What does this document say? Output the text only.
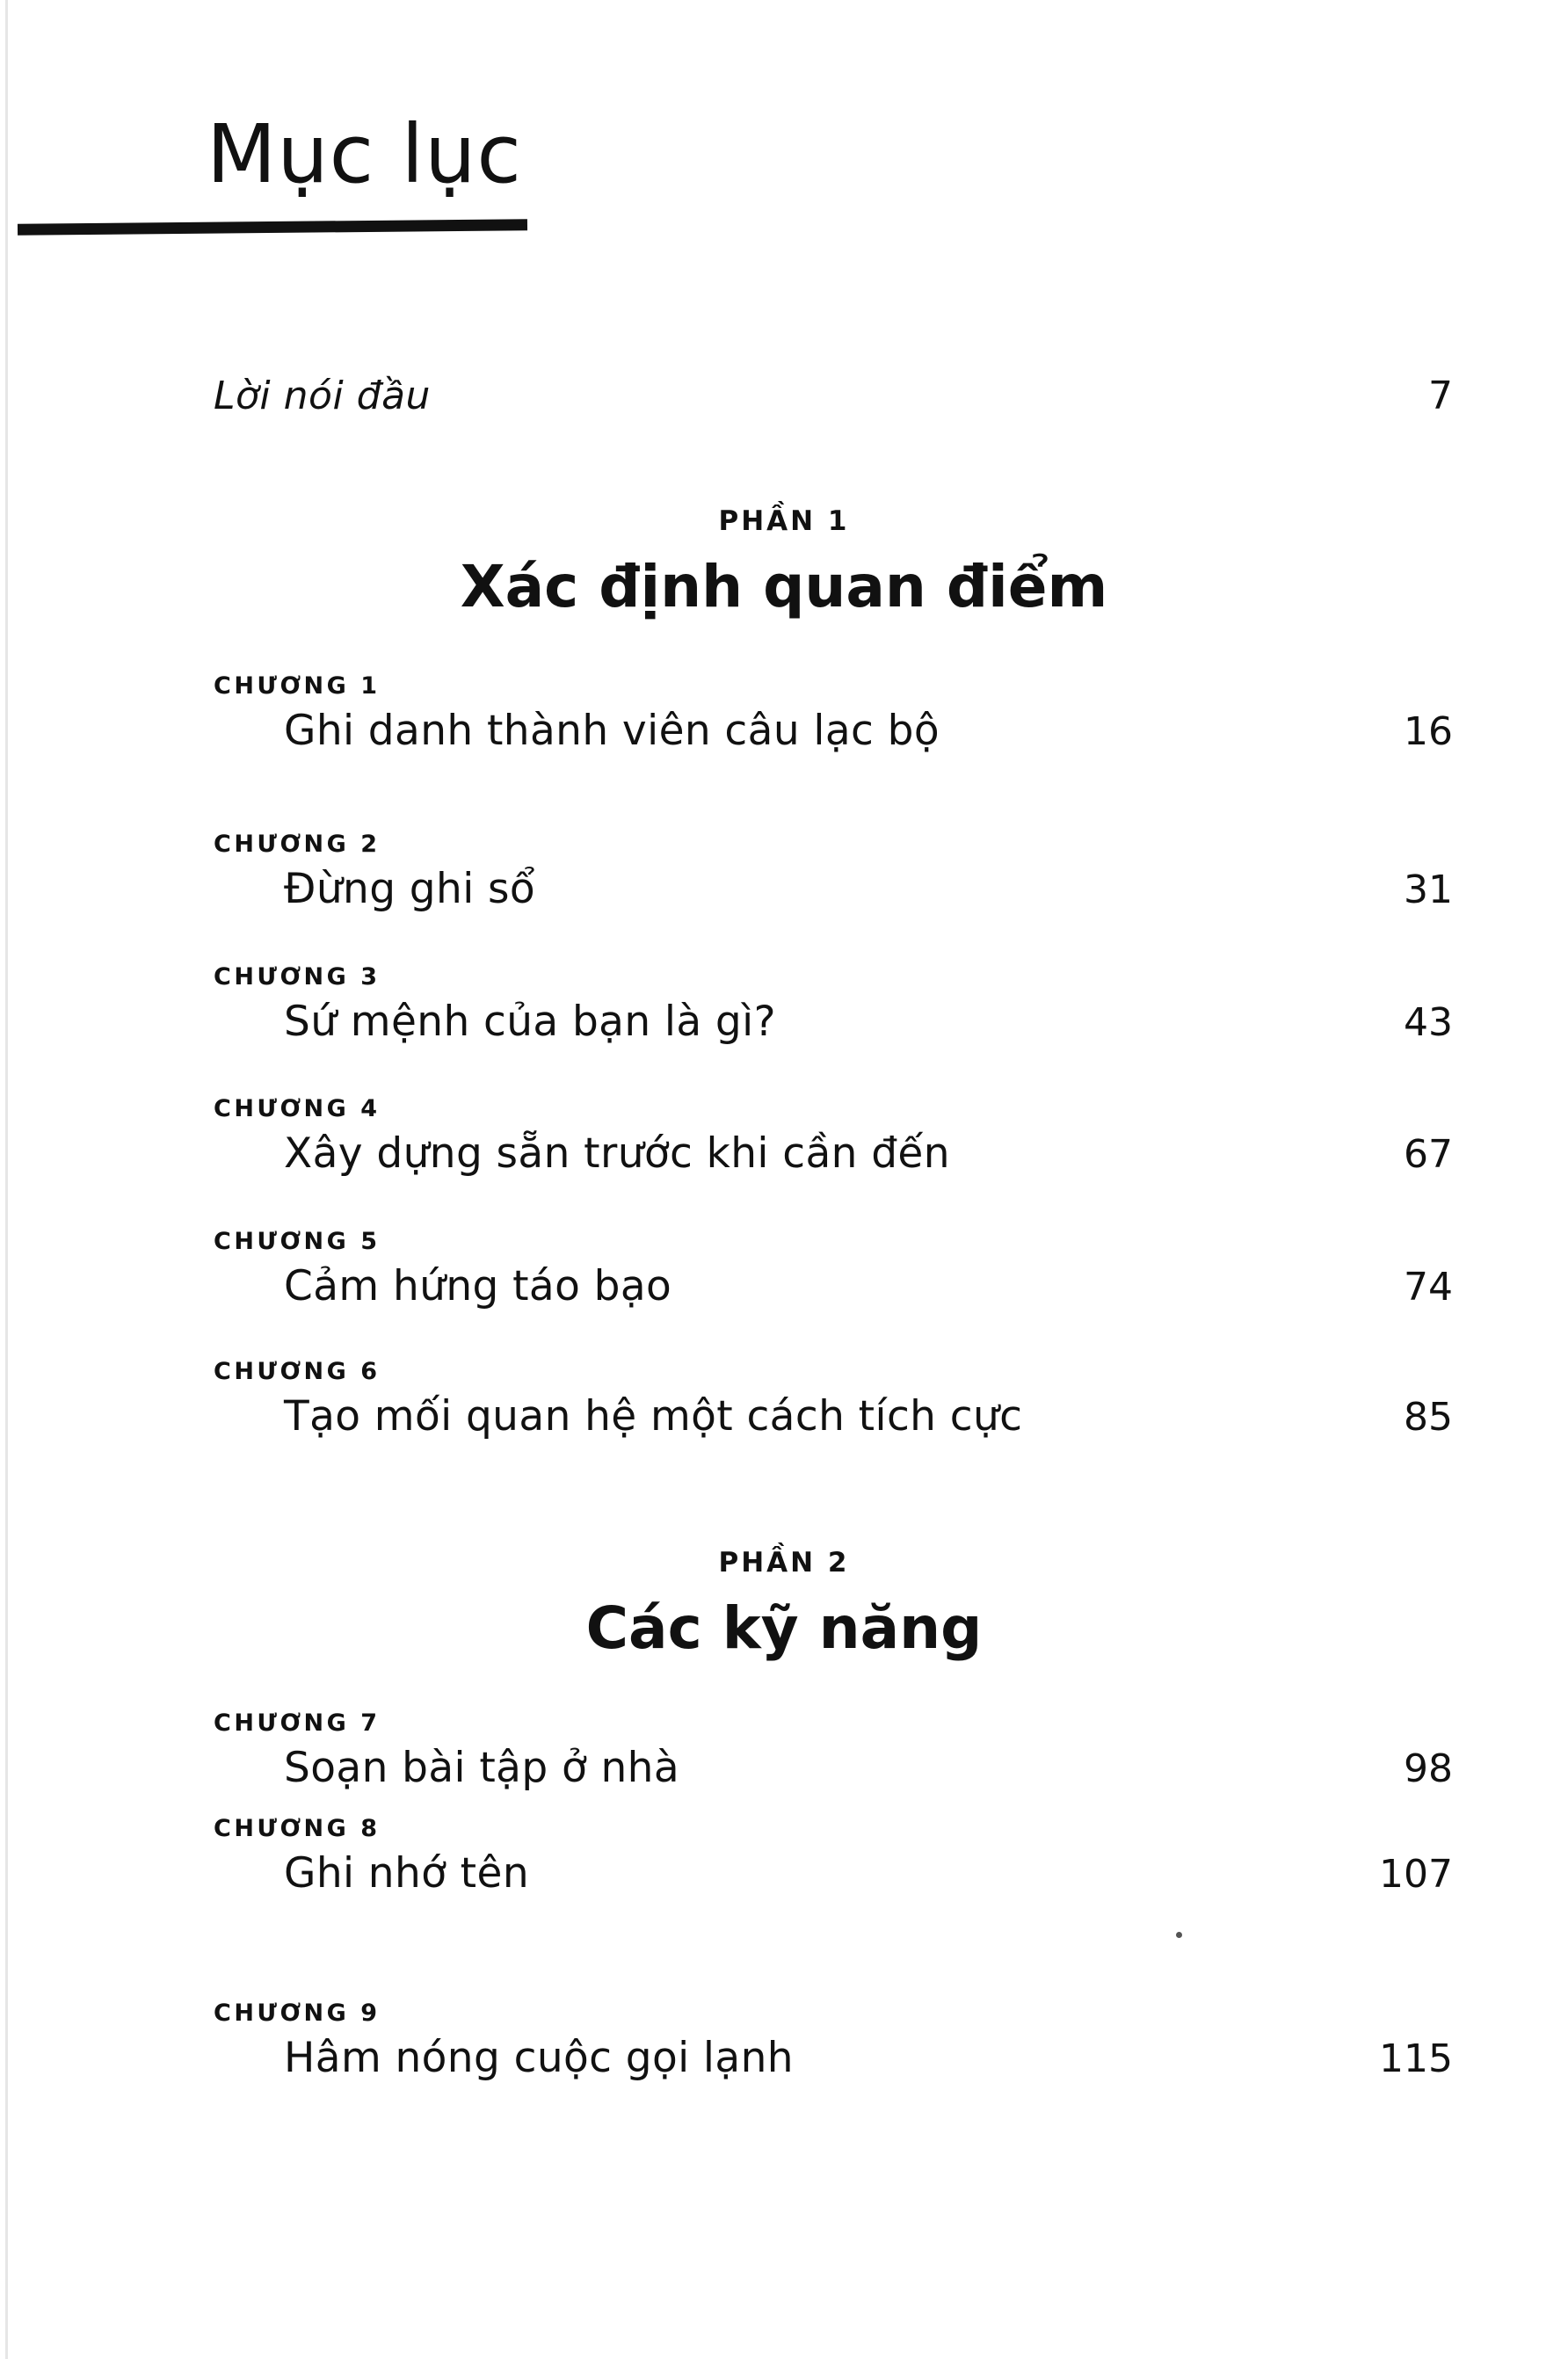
Mục lục
Lời nói đầu	7
PHẦN 1
Xác định quan điểm
CHƯƠNG 1
Ghi danh thành viên câu lạc bộ	16
CHƯƠNG 2
Đừng ghi sổ	31
CHƯƠNG 3
Sứ mệnh của bạn là gì?	43
CHƯƠNG 4
Xây dựng sẵn trước khi cần đến	67
CHƯƠNG 5
Cảm hứng táo bạo	74
CHƯƠNG 6
Tạo mối quan hệ một cách tích cực	85
PHẦN 2
Các kỹ năng
CHƯƠNG 7
Soạn bài tập ở nhà	98
CHƯƠNG 8
Ghi nhớ tên	107
CHƯƠNG 9
Hâm nóng cuộc gọi lạnh	115
